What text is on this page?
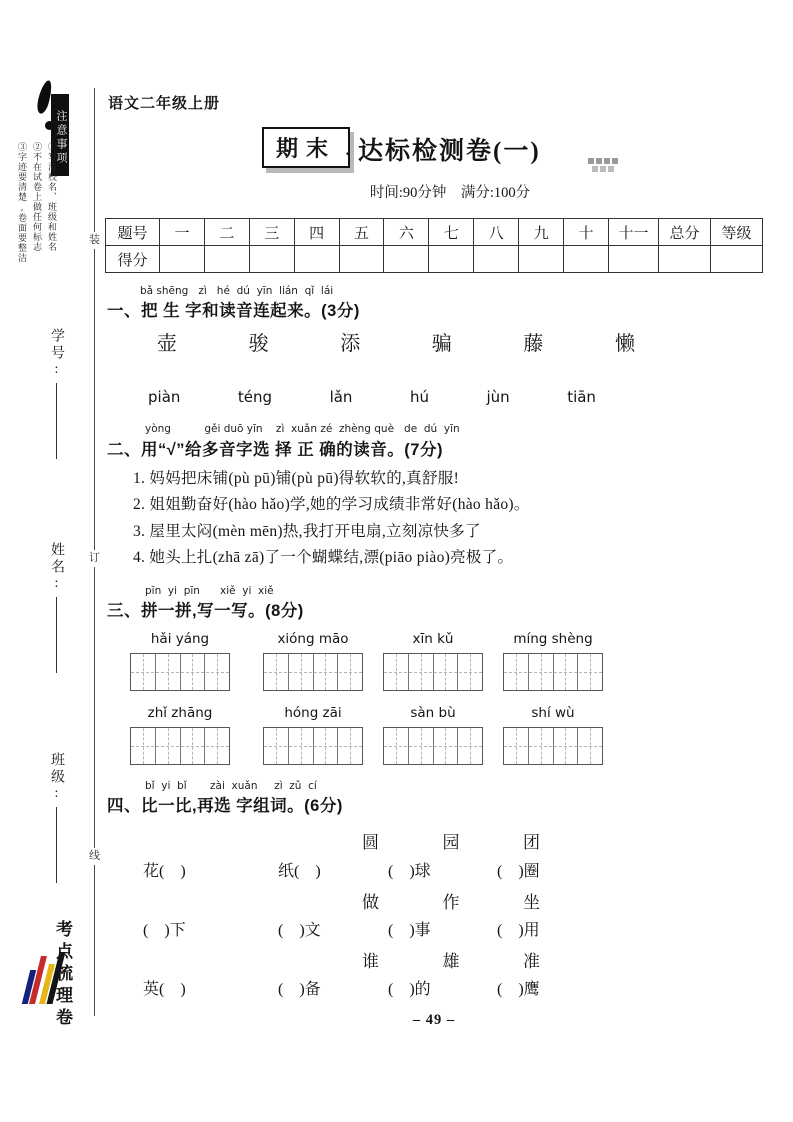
注意事项
①写清校名、班级和姓名
②不在试卷上做任何标志
③字迹要清楚,卷面要整洁
学号:
姓名:
班级:
装
订
线
考点梳理卷
语文二年级上册
期末 · 达标检测卷(一)
时间:90分钟    满分:100分
题号	一	二	三	四	五	六	七	八	九	十	十一	总分	等级
得分													
bǎ shēng   zì   hé  dú  yīn  lián  qǐ  lái
一、把 生 字和读音连起来。(3分)
壶	骏	添	骗	藤	懒
piàn	téng	lǎn	hú	jùn	tiān
yòng          gěi duō yīn    zì  xuǎn zé  zhèng què   de  dú  yīn
二、用“√”给多音字选 择 正 确的读音。(7分)
1. 妈妈把床铺(pù pū)铺(pù pū)得软软的,真舒服!
2. 姐姐勤奋好(hào hǎo)学,她的学习成绩非常好(hào hǎo)。
3. 屋里太闷(mèn mēn)热,我打开电扇,立刻凉快多了
4. 她头上扎(zhā zā)了一个蝴蝶结,漂(piāo piào)亮极了。
pīn  yi  pīn      xiě  yi  xiě
三、拼一拼,写一写。(8分)
hǎi yáng	xióng māo	xīn kǔ	míng shèng
zhǐ zhāng	hóng zāi	sàn bù	shí wù
bǐ  yi  bǐ       zài  xuǎn     zì  zǔ  cí
四、比一比,再选 字组词。(6分)
圆	园	团
花(    )	纸(    )	(    )球	(    )圈
做	作	坐
(    )下	(    )文	(    )事	(    )用
谁	雄	准
英(    )	(    )备	(    )的	(    )鹰
– 49 –
